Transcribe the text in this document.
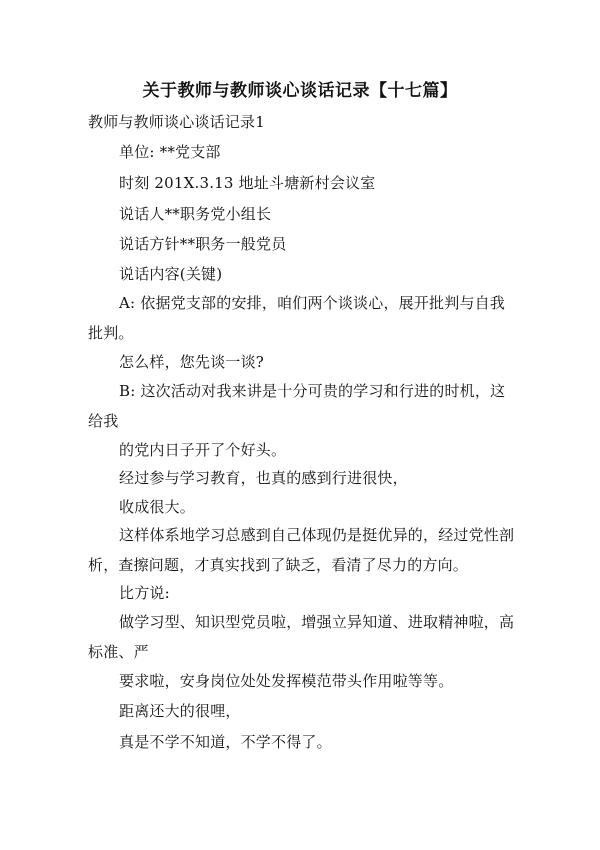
关于教师与教师谈心谈话记录【十七篇】

教师与教师谈心谈话记录1

单位: **党支部

时刻 201X.3.13 地址斗塘新村会议室

说话人**职务党小组长

说话方针**职务一般党员

说话内容(关键)

A: 依据党支部的安排，咱们两个谈谈心，展开批判与自我批判。

怎么样，您先谈一谈?

B: 这次活动对我来讲是十分可贵的学习和行进的时机，这给我

的党内日子开了个好头。

经过参与学习教育，也真的感到行进很快，

收成很大。

这样体系地学习总感到自己体现仍是挺优异的，经过党性剖析，查擦问题，才真实找到了缺乏，看清了尽力的方向。

比方说:

做学习型、知识型党员啦，增强立异知道、进取精神啦，高标准、严

要求啦，安身岗位处处发挥模范带头作用啦等等。

距离还大的很哩，

真是不学不知道，不学不得了。
